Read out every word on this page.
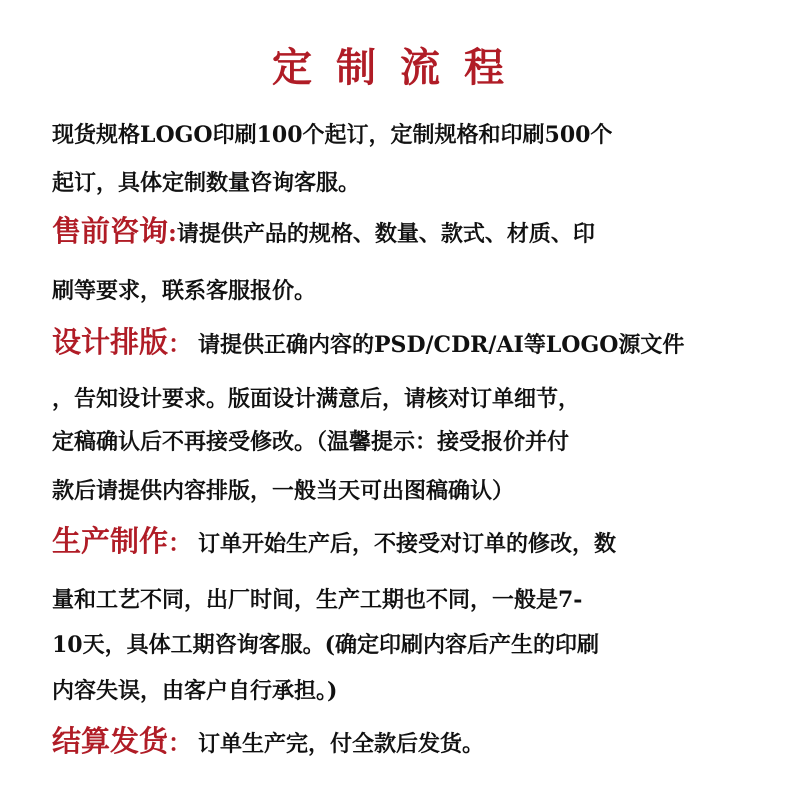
定制流程
现货规格LOGO印刷100个起订，定制规格和印刷500个
起订，具体定制数量咨询客服。
售前咨询:请提供产品的规格、数量、款式、材质、印
刷等要求，联系客服报价。
设计排版： 请提供正确内容的PSD/CDR/AI等LOGO源文件
，告知设计要求。版面设计满意后，请核对订单细节，
定稿确认后不再接受修改。（温馨提示：接受报价并付
款后请提供内容排版，一般当天可出图稿确认）
生产制作： 订单开始生产后，不接受对订单的修改，数
量和工艺不同，出厂时间，生产工期也不同，一般是7-
10天，具体工期咨询客服。(确定印刷内容后产生的印刷
内容失误，由客户自行承担。)
结算发货： 订单生产完，付全款后发货。
